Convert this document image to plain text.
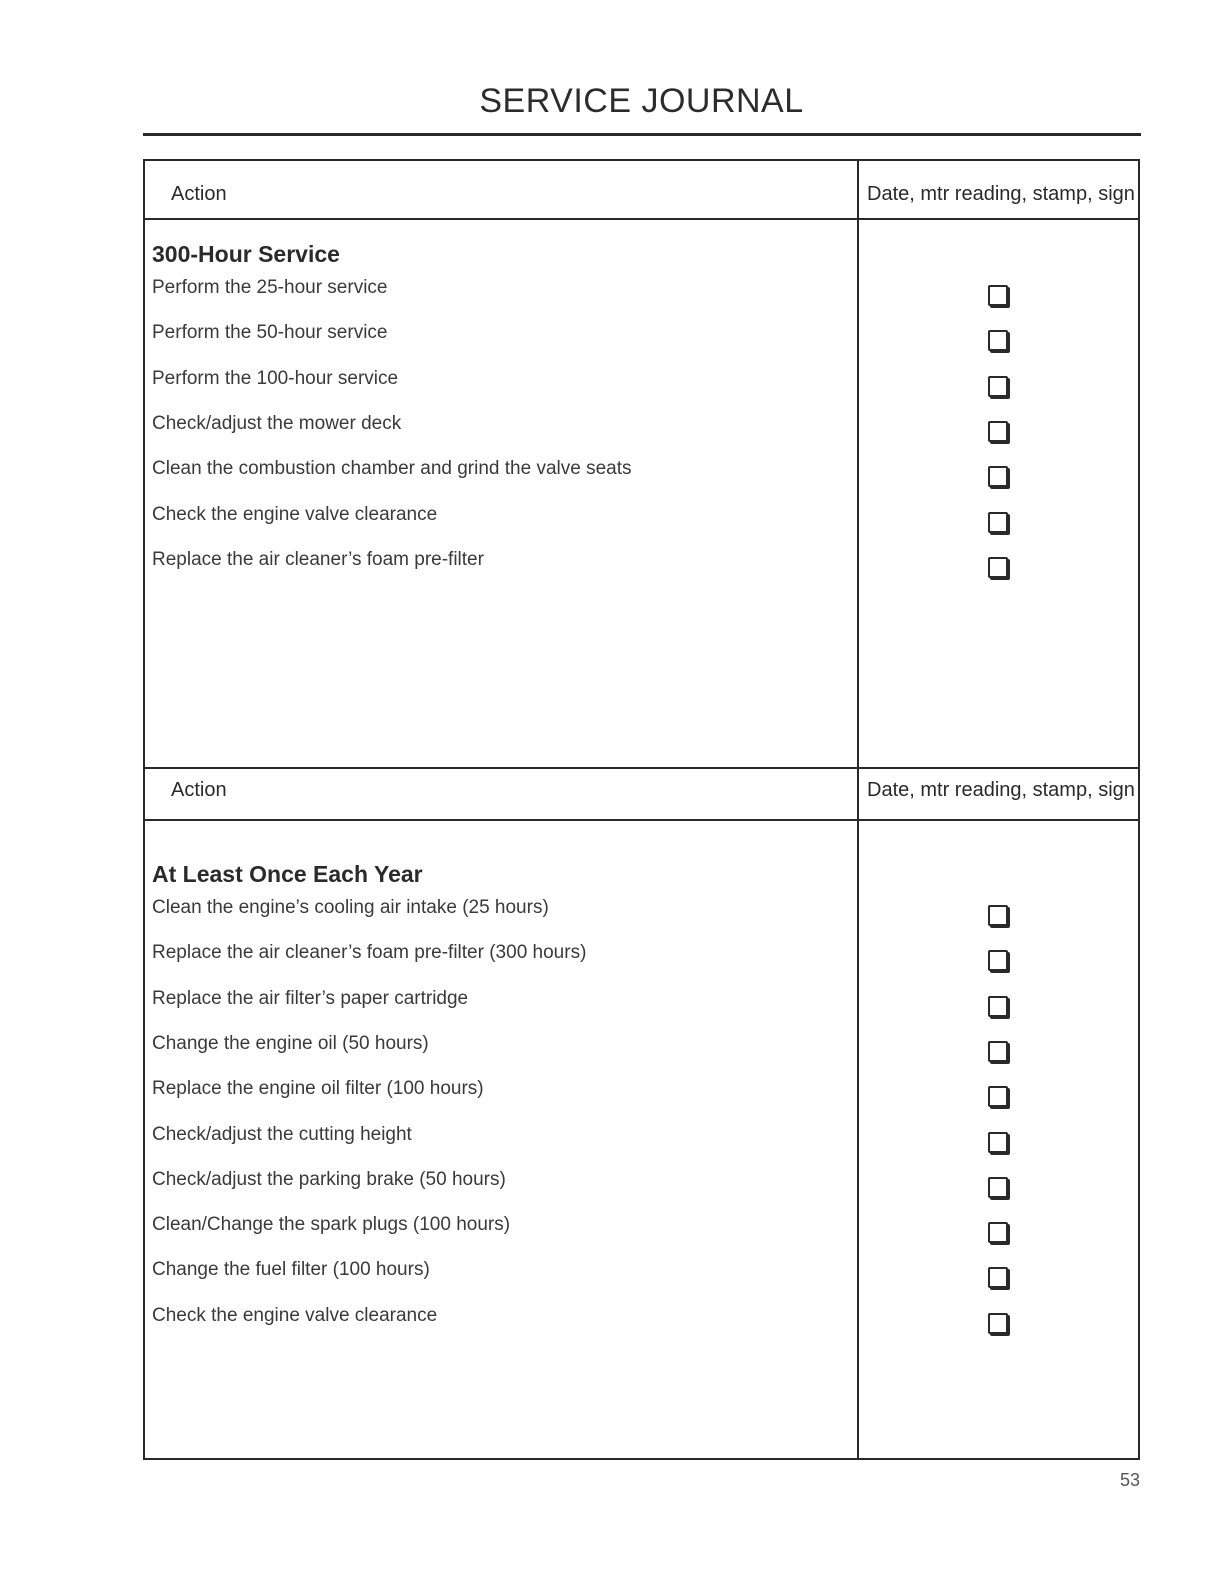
SERVICE JOURNAL
Action	Date, mtr reading, stamp, sign
300-Hour Service
Perform the 25-hour service
Perform the 50-hour service
Perform the 100-hour service
Check/adjust the mower deck
Clean the combustion chamber and grind the valve seats
Check the engine valve clearance
Replace the air cleaner’s foam pre-filter
Action	Date, mtr reading, stamp, sign
At Least Once Each Year
Clean the engine’s cooling air intake (25 hours)
Replace the air cleaner’s foam pre-filter (300 hours)
Replace the air filter’s paper cartridge
Change the engine oil (50 hours)
Replace the engine oil filter (100 hours)
Check/adjust the cutting height
Check/adjust the parking brake (50 hours)
Clean/Change the spark plugs (100 hours)
Change the fuel filter (100 hours)
Check the engine valve clearance
53
